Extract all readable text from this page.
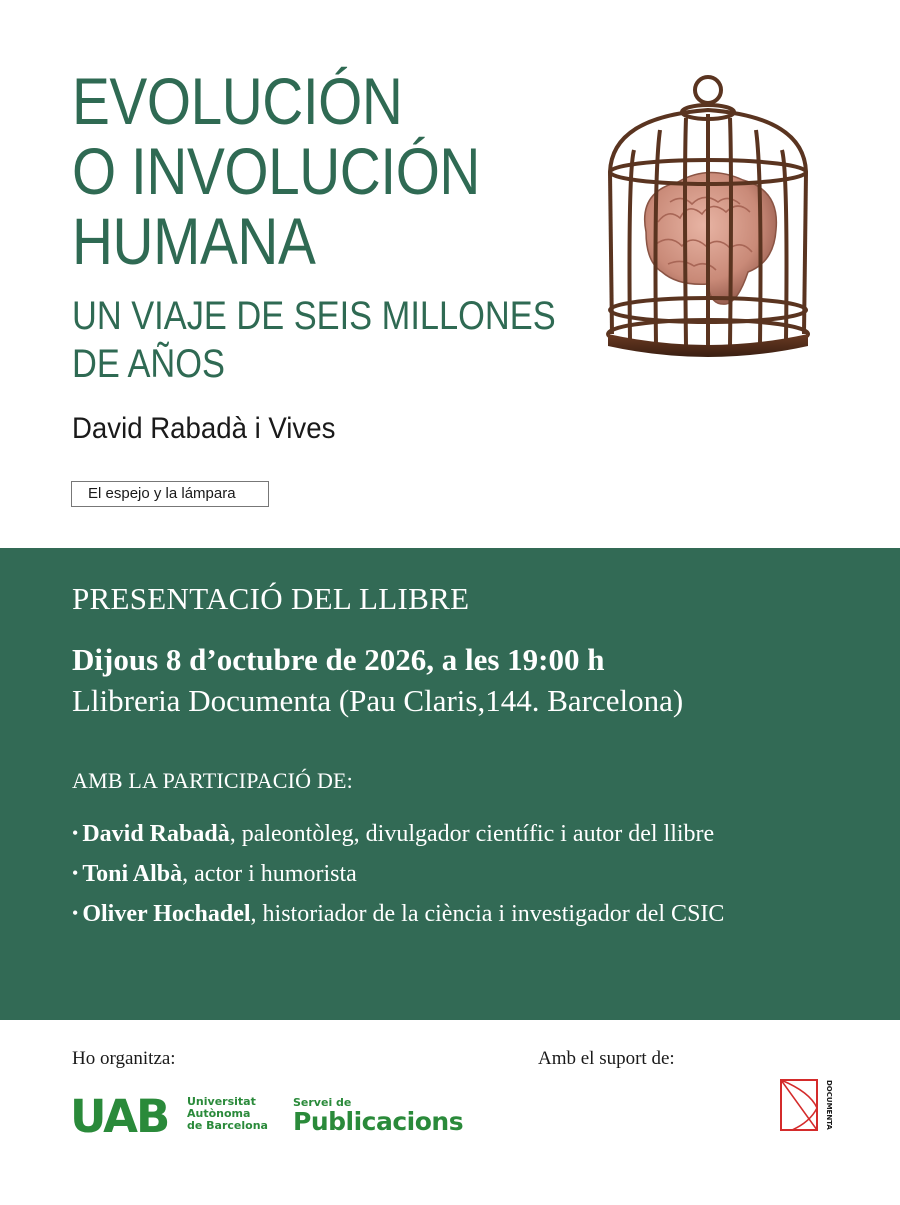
EVOLUCIÓN
O INVOLUCIÓN
HUMANA
UN VIAJE DE SEIS MILLONES
DE AÑOS
David Rabadà i Vives
El espejo y la lámpara
PRESENTACIÓ DEL LLIBRE
Dijous 8 d’octubre de 2026, a les 19:00 h
Llibreria Documenta (Pau Claris,144. Barcelona)
AMB LA PARTICIPACIÓ DE:
• David Rabadà, paleontòleg, divulgador científic i autor del llibre
• Toni Albà, actor i humorista
• Oliver Hochadel, historiador de la ciència i investigador del CSIC
Ho organitza:	Amb el suport de:
UAB Universitat
Autònoma
de Barcelona
Servei de
Publicacions	DOCUMENTA
